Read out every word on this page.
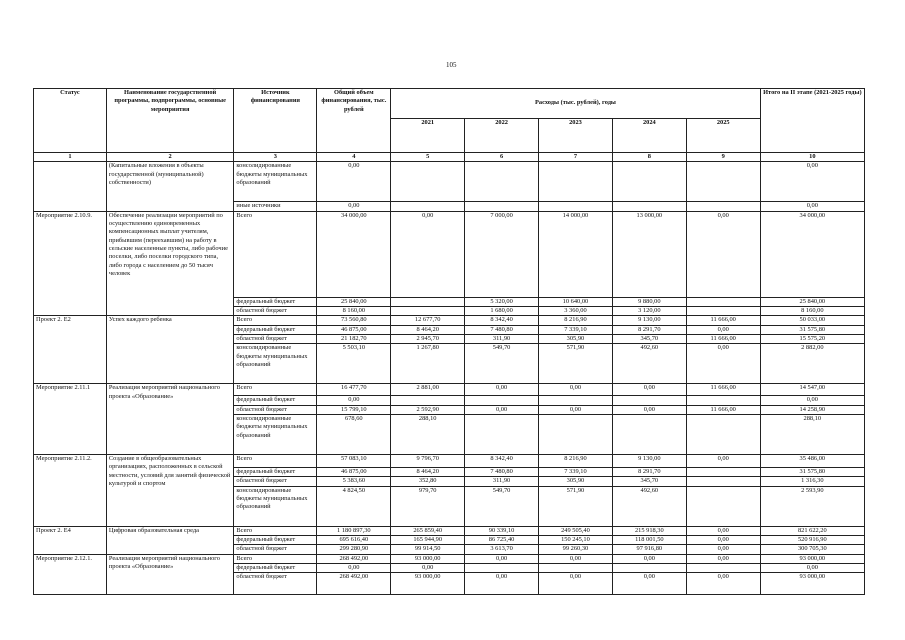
105
Статус	Наименование государственной программы, подпрограммы, основные мероприятия	Источник финансирования	Общий объем финансирования, тыс. рублей	Расходы (тыс. рублей), годы					Итого на II этапе (2021-2025 годы)
				2021	2022	2023	2024	2025	
1	2	3	4	5	6	7	8	9	10
	(Капитальные вложения в объекты государственной (муниципальной) собственности)	консолидированные бюджеты муниципальных образований	0,00						0,00
		иные источники	0,00						0,00
Мероприятие 2.10.9.	Обеспечение реализации мероприятий по осуществлению единовременных компенсационных выплат учителям, прибывшим (переехавшим) на работу в сельские населенные пункты, либо рабочие поселки, либо поселки городского типа, либо города с населением до 50 тысяч человек	Всего	34 000,00	0,00	7 000,00	14 000,00	13 000,00	0,00	34 000,00
		федеральный бюджет	25 840,00		5 320,00	10 640,00	9 880,00		25 840,00
		областной бюджет	8 160,00		1 680,00	3 360,00	3 120,00		8 160,00
Проект 2. Е2	Успех каждого ребенка	Всего	73 560,80	12 677,70	8 342,40	8 216,90	9 130,00	11 666,00	50 033,00
		федеральный бюджет	46 875,00	8 464,20	7 480,80	7 339,10	8 291,70	0,00	31 575,80
		областной бюджет	21 182,70	2 945,70	311,90	305,90	345,70	11 666,00	15 575,20
		консолидированные бюджеты муниципальных образований	5 503,10	1 267,80	549,70	571,90	492,60	0,00	2 882,00
Мероприятие 2.11.1	Реализация мероприятий национального проекта «Образование»	Всего	16 477,70	2 881,00	0,00	0,00	0,00	11 666,00	14 547,00
		федеральный бюджет	0,00						0,00
		областной бюджет	15 799,10	2 592,90	0,00	0,00	0,00	11 666,00	14 258,90
		консолидированные бюджеты муниципальных образований	678,60	288,10					288,10
Мероприятие 2.11.2.	Создание в общеобразовательных организациях, расположенных в сельской местности, условий для занятий физической культурой и спортом	Всего	57 083,10	9 796,70	8 342,40	8 216,90	9 130,00	0,00	35 486,00
		федеральный бюджет	46 875,00	8 464,20	7 480,80	7 339,10	8 291,70		31 575,80
		областной бюджет	5 383,60	352,80	311,90	305,90	345,70		1 316,30
		консолидированные бюджеты муниципальных образований	4 824,50	979,70	549,70	571,90	492,60		2 593,90
Проект 2. Е4	Цифровая образовательная среда	Всего	1 180 897,30	265 859,40	90 339,10	249 505,40	215 918,30	0,00	821 622,20
		федеральный бюджет	695 616,40	165 944,90	86 725,40	150 245,10	118 001,50	0,00	520 916,90
		областной бюджет	299 280,90	99 914,50	3 613,70	99 260,30	97 916,80	0,00	300 705,30
Мероприятие 2.12.1.	Реализация мероприятий национального проекта «Образование»	Всего	268 492,00	93 000,00	0,00	0,00	0,00	0,00	93 000,00
		федеральный бюджет	0,00	0,00					0,00
		областной бюджет	268 492,00	93 000,00	0,00	0,00	0,00	0,00	93 000,00
